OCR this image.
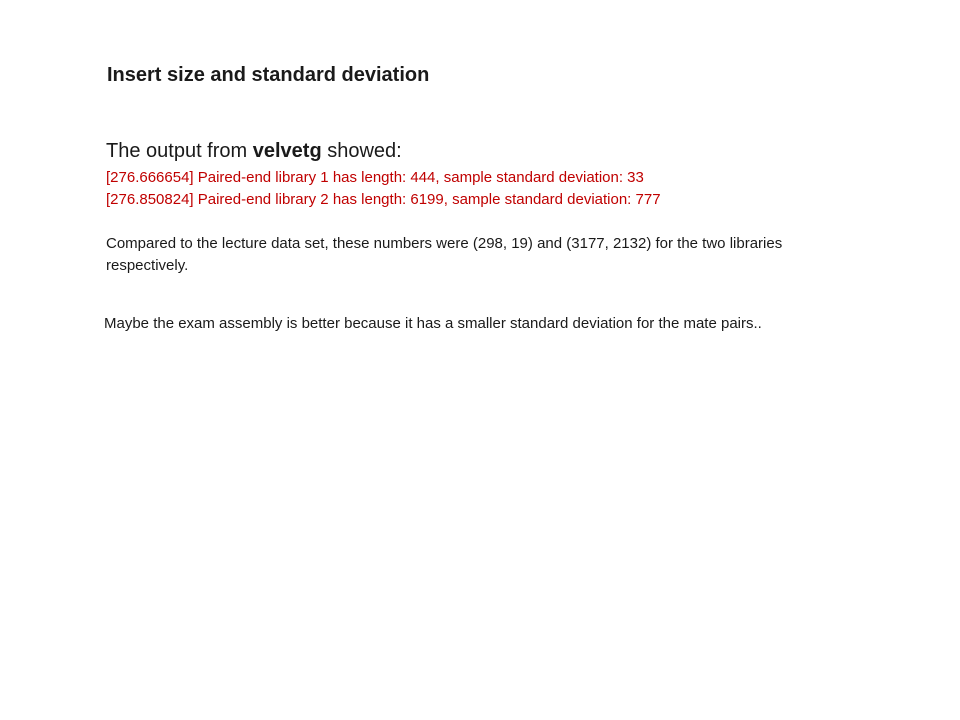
Insert size and standard deviation
The output from velvetg showed:
[276.666654] Paired-end library 1 has length: 444, sample standard deviation: 33
[276.850824] Paired-end library 2 has length: 6199, sample standard deviation: 777

Compared to the lecture data set, these numbers were (298, 19) and (3177, 2132) for the two libraries respectively.

Maybe the exam assembly is better because it has a smaller standard deviation for the mate pairs..
